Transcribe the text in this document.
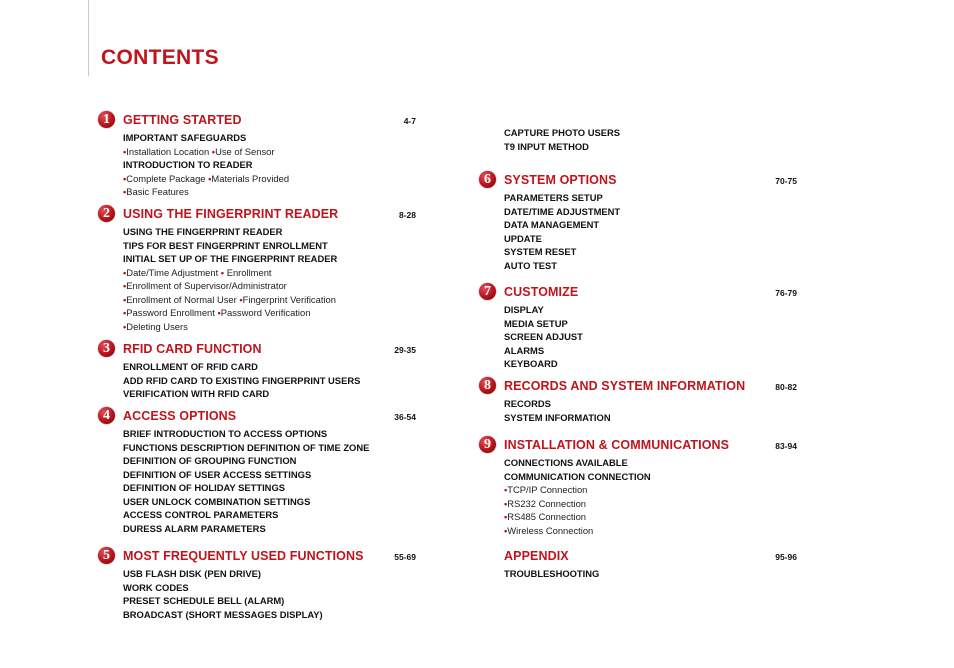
CONTENTS
1	GETTING STARTED	4-7
IMPORTANT SAFEGUARDS
•Installation Location •Use of Sensor
INTRODUCTION TO READER
•Complete Package •Materials Provided
•Basic Features
2	USING THE FINGERPRINT READER	8-28
USING THE FINGERPRINT READER
TIPS FOR BEST FINGERPRINT ENROLLMENT
INITIAL SET UP OF THE FINGERPRINT READER
•Date/Time Adjustment • Enrollment
•Enrollment of Supervisor/Administrator
•Enrollment of Normal User •Fingerprint Verification
•Password Enrollment •Password Verification
•Deleting Users
3	RFID CARD FUNCTION	29-35
ENROLLMENT OF RFID CARD
ADD RFID CARD TO EXISTING FINGERPRINT USERS
VERIFICATION WITH RFID CARD
4	ACCESS OPTIONS	36-54
BRIEF INTRODUCTION TO ACCESS OPTIONS
FUNCTIONS DESCRIPTION DEFINITION OF TIME ZONE
DEFINITION OF GROUPING FUNCTION
DEFINITION OF USER ACCESS SETTINGS
DEFINITION OF HOLIDAY SETTINGS
USER UNLOCK COMBINATION SETTINGS
ACCESS CONTROL PARAMETERS
DURESS ALARM PARAMETERS
5	MOST FREQUENTLY USED FUNCTIONS	55-69
USB FLASH DISK (PEN DRIVE)
WORK CODES
PRESET SCHEDULE BELL (ALARM)
BROADCAST (SHORT MESSAGES DISPLAY)
CAPTURE PHOTO USERS
T9 INPUT METHOD
6	SYSTEM OPTIONS	70-75
PARAMETERS SETUP
DATE/TIME ADJUSTMENT
DATA MANAGEMENT
UPDATE
SYSTEM RESET
AUTO TEST
7	CUSTOMIZE	76-79
DISPLAY
MEDIA SETUP
SCREEN ADJUST
ALARMS
KEYBOARD
8	RECORDS AND SYSTEM INFORMATION	80-82
RECORDS
SYSTEM INFORMATION
9	INSTALLATION & COMMUNICATIONS	83-94
CONNECTIONS AVAILABLE
COMMUNICATION CONNECTION
•TCP/IP Connection
•RS232 Connection
•RS485 Connection
•Wireless Connection
APPENDIX	95-96
TROUBLESHOOTING
